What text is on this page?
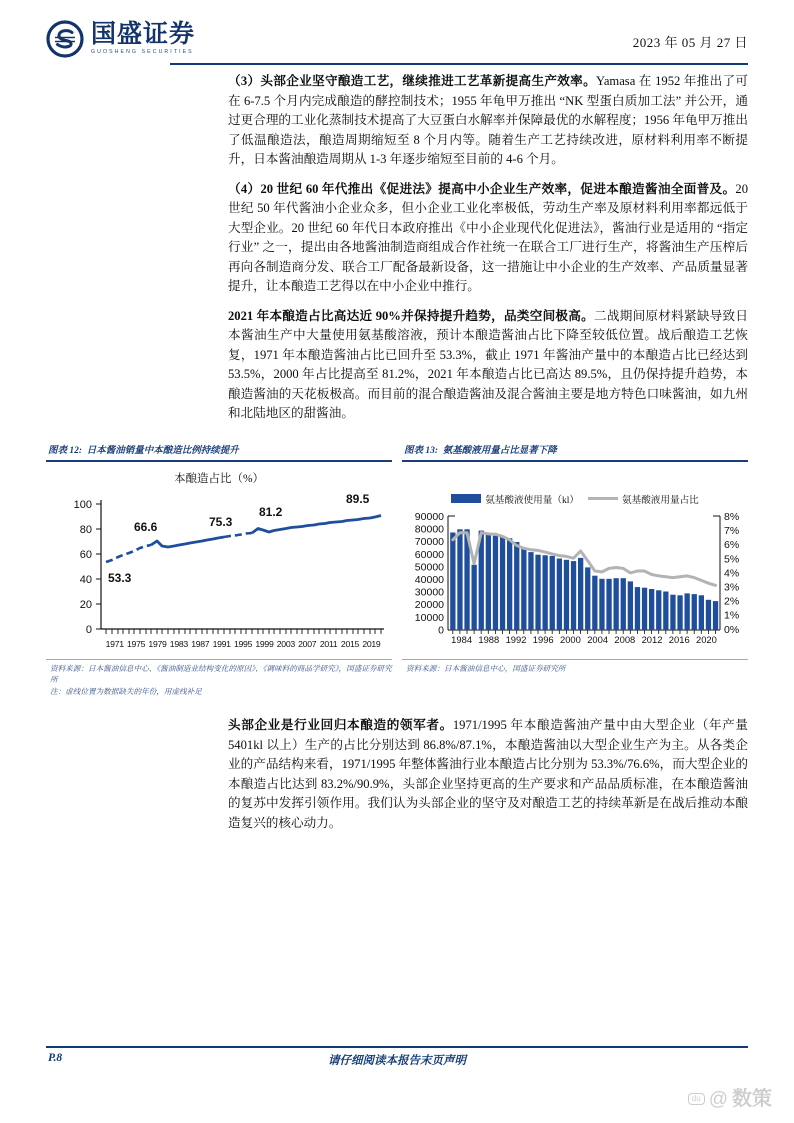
国盛证券
GUOSHENG SECURITIES
2023 年 05 月 27 日

（3）头部企业坚守酿造工艺，继续推进工艺革新提高生产效率。Yamasa 在 1952 年推出了可在 6-7.5 个月内完成酿造的酵控制技术；1955 年龟甲万推出 “NK 型蛋白质加工法” 并公开，通过更合理的工业化蒸制技术提高了大豆蛋白水解率并保障最优的水解程度；1956 年龟甲万推出了低温酿造法，酿造周期缩短至 8 个月内等。随着生产工艺持续改进，原材料利用率不断提升，日本酱油酿造周期从 1-3 年逐步缩短至目前的 4-6 个月。

（4）20 世纪 60 年代推出《促进法》提高中小企业生产效率，促进本酿造酱油全面普及。20 世纪 50 年代酱油小企业众多，但小企业工业化率极低，劳动生产率及原材料利用率都远低于大型企业。20 世纪 60 年代日本政府推出《中小企业现代化促进法》，酱油行业是适用的 “指定行业” 之一，提出由各地酱油制造商组成合作社统一在联合工厂进行生产，将酱油生产压榨后再向各制造商分发、联合工厂配备最新设备，这一措施让中小企业的生产效率、产品质量显著提升，让本酿造工艺得以在中小企业中推行。

2021 年本酿造占比高达近 90%并保持提升趋势，品类空间极高。二战期间原材料紧缺导致日本酱油生产中大量使用氨基酸溶液，预计本酿造酱油占比下降至较低位置。战后酿造工艺恢复，1971 年本酿造酱油占比已回升至 53.3%，截止 1971 年酱油产量中的本酿造占比已经达到 53.5%，2000 年占比提高至 81.2%，2021 年本酿造占比已高达 89.5%，且仍保持提升趋势，本酿造酱油的天花板极高。而目前的混合酿造酱油及混合酱油主要是地方特色口味酱油，如九州和北陆地区的甜酱油。

图表 12: 日本酱油销量中本酿造比例持续提升
本酿造占比（%）
100
80
60
40
20
0
53.3
66.6	75.3
81.2
89.5
1971 1975 1979 1983 1987 1991 1995 1999 2003 2007 2011 2015 2019
资料来源：日本酱油信息中心、《酱油制造业结构变化的原因》、《调味料的商品学研究》，国盛证券研究所
注：虚线位置为数据缺失的年份，用虚线补足
图表 13: 氨基酸液用量占比显著下降
氨基酸液使用量（kl）	氨基酸液用量占比
90000
80000
70000
60000
50000
40000
30000
20000
10000
0
8%
7%
6%
5%
4%
3%
2%
1%
0%
1984 1988 1992 1996 2000 2004 2008 2012 2016 2020
资料来源：日本酱油信息中心，国盛证券研究所

头部企业是行业回归本酿造的领军者。1971/1995 年本酿造酱油产量中由大型企业（年产量 5401kl 以上）生产的占比分别达到 86.8%/87.1%，本酿造酱油以大型企业生产为主。从各类企业的产品结构来看，1971/1995 年整体酱油行业本酿造占比分别为 53.3%/76.6%，而大型企业的本酿造占比达到 83.2%/90.9%，头部企业坚持更高的生产要求和产品品质标准，在本酿造酱油的复苏中发挥引领作用。我们认为头部企业的坚守及对酿造工艺的持续革新是在战后推动本酿造复兴的核心动力。

P.8	请仔细阅读本报告末页声明
du @ 数策
